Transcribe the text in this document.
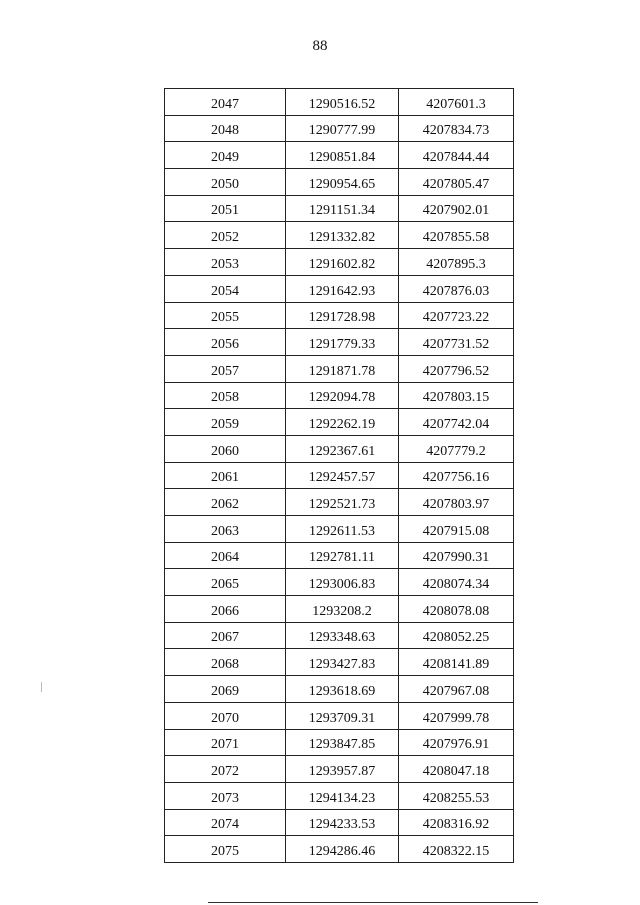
88
2047	1290516.52	4207601.3
2048	1290777.99	4207834.73
2049	1290851.84	4207844.44
2050	1290954.65	4207805.47
2051	1291151.34	4207902.01
2052	1291332.82	4207855.58
2053	1291602.82	4207895.3
2054	1291642.93	4207876.03
2055	1291728.98	4207723.22
2056	1291779.33	4207731.52
2057	1291871.78	4207796.52
2058	1292094.78	4207803.15
2059	1292262.19	4207742.04
2060	1292367.61	4207779.2
2061	1292457.57	4207756.16
2062	1292521.73	4207803.97
2063	1292611.53	4207915.08
2064	1292781.11	4207990.31
2065	1293006.83	4208074.34
2066	1293208.2	4208078.08
2067	1293348.63	4208052.25
2068	1293427.83	4208141.89
2069	1293618.69	4207967.08
2070	1293709.31	4207999.78
2071	1293847.85	4207976.91
2072	1293957.87	4208047.18
2073	1294134.23	4208255.53
2074	1294233.53	4208316.92
2075	1294286.46	4208322.15
